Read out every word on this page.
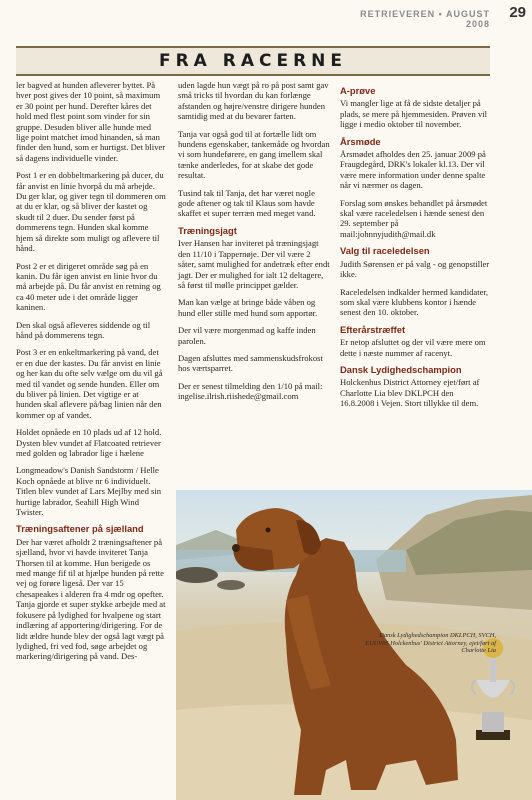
RETRIEVEREN • AUGUST 2008
29
FRA RACERNE

ler bagved at hunden afleverer byttet. På hver post gives der 10 point, så maximum er 30 point per hund. Derefter kåres det hold med flest point som vinder for sin gruppe. Desuden bliver alle hunde med lige point matchet imod hinanden, så man finder den hund, som er hurtigst. Det bliver så dagens individuelle vinder.

Post 1 er en dobbeltmarkering på ducer, du får anvist en linie hvorpå du må arbejde. Du ger klar, og giver tegn til dommeren om at du er klar, og så bliver der kastet og skudt til 2 duer. Du sender først på dommerens tegn. Hunden skal komme hjem så direkte som muligt og aflevere til hånd.

Post 2 er et dirigeret område søg på en kanin. Du får igen anvist en linie hvor du må arbejde på. Du får anvist en retning og ca 40 meter ude i det område ligger kaninen.

Den skal også afleveres siddende og til hånd på dommerens tegn.

Post 3 er en enkeltmarkering på vand, det er en due der kastes. Du får anvist en linie og her kan du ofte selv vælge om du vil gå med til vandet og sende hunden. Eller om du bliver på linien. Det vigtige er at hunden skal aflevere på/bag linien når den kommer op af vandet.

Holdet opnåede en 10 plads ud af 12 hold. Dysten blev vundet af Flatcoated retriever med golden og labrador lige i hælene

Longmeadow's Danish Sandstorm / Helle Koch opnåede at blive nr 6 individuelt. Titlen blev vundet af Lars Mejlby med sin hurtige labrador, Seahill High Wind Twister.

Træningsaftener på sjælland

Der har været afholdt 2 træningsaftener på sjælland, hvor vi havde inviteret Tanja Thorsen til at komme. Hun berigede os med mange fif til at hjælpe hunden på rette vej og forøre ligeså. Der var 15 chesapeakes i alderen fra 4 mdr og opefter. Tanja gjorde et super stykke arbejde med at fokusere på lydighed for hvalpene og start indlæring af apportering/dirigering. For de lidt ældre hunde blev der også lagt vægt på lydighed, fri ved fod, søge arbejdet og markering/dirigering på vand. Des-

uden lagde hun vægt på ro på post samt gav små tricks til hvordan du kan forlænge afstanden og højre/venstre dirigere hunden samtidig med at du bevarer farten.

Tanja var også god til at fortælle lidt om hundens egenskaber, tankemåde og hvordan vi som hundeførere, en gang imellem skal tænke anderledes, for at skabe det gode resultat.

Tusind tak til Tanja, det har været nogle gode aftener og tak til Klaus som havde skaffet et super terræn med meget vand.

Træningsjagt

Iver Hansen har inviteret på træningsjagt den 11/10 i Tappernøje. Der vil være 2 såter, samt mulighed for andetræk efter endt jagt. Der er mulighed for ialt 12 deltagere, så først til mølle princippet gælder.

Man kan vælge at bringe både våben og hund eller stille med hund som apportør.

Der vil være morgenmad og kaffe inden parolen.

Dagen afsluttes med sammenskudsfrokost hos værtsparret.

Der er senest tilmelding den 1/10 på mail: ingelise.ilrish.riishede@gmail.com

A-prøve

Vi mangler lige at få de sidste detaljer på plads, se mere på hjemmesiden. Prøven vil ligge i medio oktober til november.

Årsmøde

Årsmødet afholdes den 25. januar 2009 på Fraugdegård, DRK's lokaler kl.13. Der vil være mere information under denne spalte når vi nærmer os dagen.

Forslag som ønskes behandlet på årsmødet skal være raceledelsen i hænde senest den 29. september på mail:johnnyjudith@mail.dk

Valg til raceledelsen

Judith Sørensen er på valg - og genopstiller ikke.

Raceledelsen indkalder hermed kandidater, som skal være klubbens kontor i hænde senest den 10. oktober.

Efterårstræffet

Er netop afsluttet og der vil være mere om dette i næste nummer af racenyt.

Dansk Lydighedschampion

Holckenhus District Attorney ejet/ført af Charlotte Lia blev DKLPCH den 16.8.2008 i Vejen. Stort tillykke til dem.

Dansk Lydighedschampion DKLPCH, SVCH, EUUV05 Holckenhus' District Attorney, ejet/ført af Charlotte Lia
